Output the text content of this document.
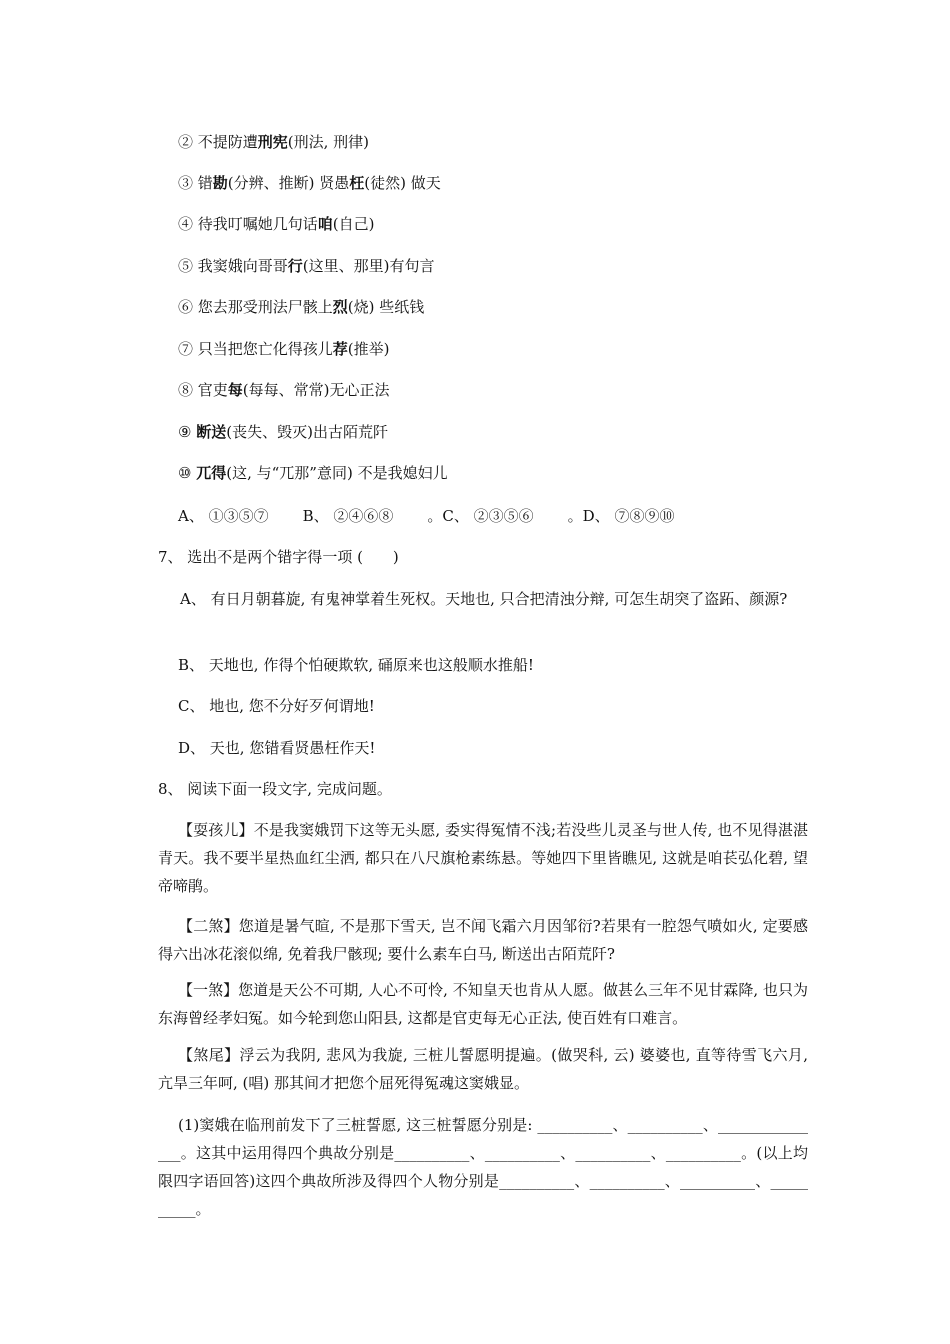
② 不提防遭刑宪(刑法, 刑律)
③ 错勘(分辨、推断) 贤愚枉(徒然) 做天
④ 待我叮嘱她几句话咱(自己)
⑤ 我窦娥向哥哥行(这里、那里)有句言
⑥ 您去那受刑法尸骸上烈(烧) 些纸钱
⑦ 只当把您亡化得孩儿荐(推举)
⑧ 官吏每(每每、常常)无心正法
⑨ 断送(丧失、毁灭)出古陌荒阡
⑩ 兀得(这, 与“兀那”意同) 不是我媳妇儿
A、 ①③⑤⑦ B、 ②④⑥⑧ 。C、 ②③⑤⑥ 。D、 ⑦⑧⑨⑩
7、 选出不是两个错字得一项 (　　)
A、 有日月朝暮旋, 有鬼神掌着生死权。天地也, 只合把清浊分辩, 可怎生胡突了盗跖、颜源?
B、 天地也, 作得个怕硬欺软, 硧原来也这般顺水推船!
C、 地也, 您不分好歹何谓地!
D、 天也, 您错看贤愚枉作天!
8、 阅读下面一段文字, 完成问题。
【耍孩儿】不是我窦娥罚下这等无头愿, 委实得冤情不浅;若没些儿灵圣与世人传, 也不见得湛湛青天。我不要半星热血红尘洒, 都只在八尺旗枪素练悬。等她四下里皆瞧见, 这就是咱苌弘化碧, 望帝啼鹃。
【二煞】您道是暑气暄, 不是那下雪天, 岂不闻飞霜六月因邹衍?若果有一腔怨气喷如火, 定要感得六出冰花滚似绵, 免着我尸骸现; 要什么素车白马, 断送出古陌荒阡?
【一煞】您道是天公不可期, 人心不可怜, 不知皇天也肯从人愿。做甚么三年不见甘霖降, 也只为东海曾经孝妇冤。如今轮到您山阳县, 这都是官吏每无心正法, 使百姓有口难言。
【煞尾】浮云为我阴, 悲风为我旋, 三桩儿誓愿明提遍。(做哭科, 云) 婆婆也, 直等待雪飞六月, 亢旱三年呵, (唱) 那其间才把您个屈死得冤魂这窦娥显。
(1)窦娥在临刑前发下了三桩誓愿, 这三桩誓愿分别是: __________、__________、_______________。这其中运用得四个典故分别是__________、__________、__________、__________。(以上均限四字语回答)这四个典故所涉及得四个人物分别是__________、__________、__________、__________。
